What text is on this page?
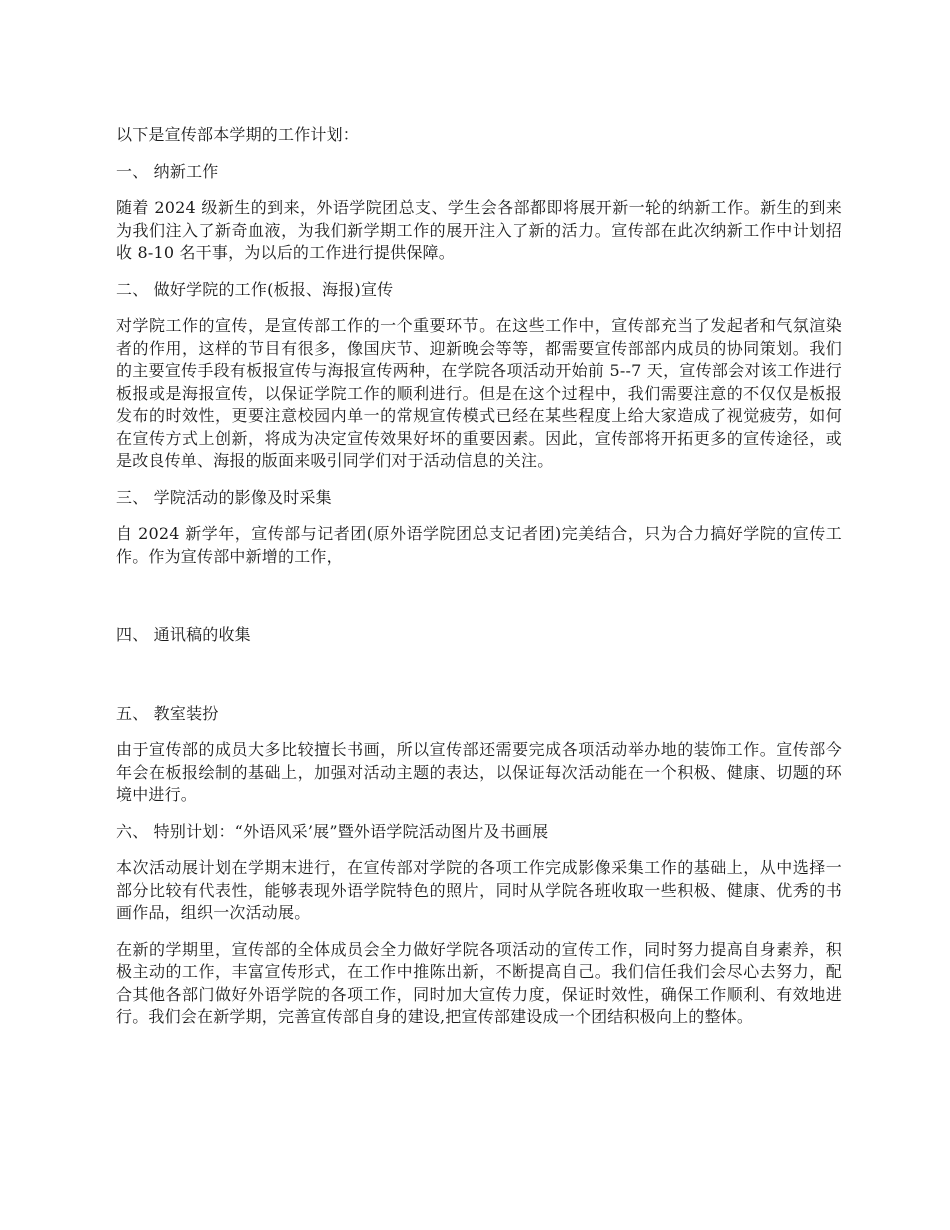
以下是宣传部本学期的工作计划：

一、 纳新工作

随着 2024 级新生的到来，外语学院团总支、学生会各部都即将展开新一轮的纳新工作。新生的到来为我们注入了新奇血液，为我们新学期工作的展开注入了新的活力。宣传部在此次纳新工作中计划招收 8-10 名干事，为以后的工作进行提供保障。

二、 做好学院的工作(板报、海报)宣传

对学院工作的宣传，是宣传部工作的一个重要环节。在这些工作中，宣传部充当了发起者和气氛渲染者的作用，这样的节目有很多，像国庆节、迎新晚会等等，都需要宣传部部内成员的协同策划。我们的主要宣传手段有板报宣传与海报宣传两种，在学院各项活动开始前 5--7 天，宣传部会对该工作进行板报或是海报宣传，以保证学院工作的顺利进行。但是在这个过程中，我们需要注意的不仅仅是板报发布的时效性，更要注意校园内单一的常规宣传模式已经在某些程度上给大家造成了视觉疲劳，如何在宣传方式上创新，将成为决定宣传效果好坏的重要因素。因此，宣传部将开拓更多的宣传途径，或是改良传单、海报的版面来吸引同学们对于活动信息的关注。

三、 学院活动的影像及时采集

自 2024 新学年，宣传部与记者团(原外语学院团总支记者团)完美结合，只为合力搞好学院的宣传工作。作为宣传部中新增的工作，

四、 通讯稿的收集

五、 教室装扮

由于宣传部的成员大多比较擅长书画，所以宣传部还需要完成各项活动举办地的装饰工作。宣传部今年会在板报绘制的基础上，加强对活动主题的表达，以保证每次活动能在一个积极、健康、切题的环境中进行。

六、 特别计划：“外语风采’展”暨外语学院活动图片及书画展

本次活动展计划在学期末进行，在宣传部对学院的各项工作完成影像采集工作的基础上，从中选择一部分比较有代表性，能够表现外语学院特色的照片，同时从学院各班收取一些积极、健康、优秀的书画作品，组织一次活动展。

在新的学期里，宣传部的全体成员会全力做好学院各项活动的宣传工作，同时努力提高自身素养，积极主动的工作，丰富宣传形式，在工作中推陈出新，不断提高自己。我们信任我们会尽心去努力，配合其他各部门做好外语学院的各项工作，同时加大宣传力度，保证时效性，确保工作顺利、有效地进行。我们会在新学期，完善宣传部自身的建设,把宣传部建设成一个团结积极向上的整体。
